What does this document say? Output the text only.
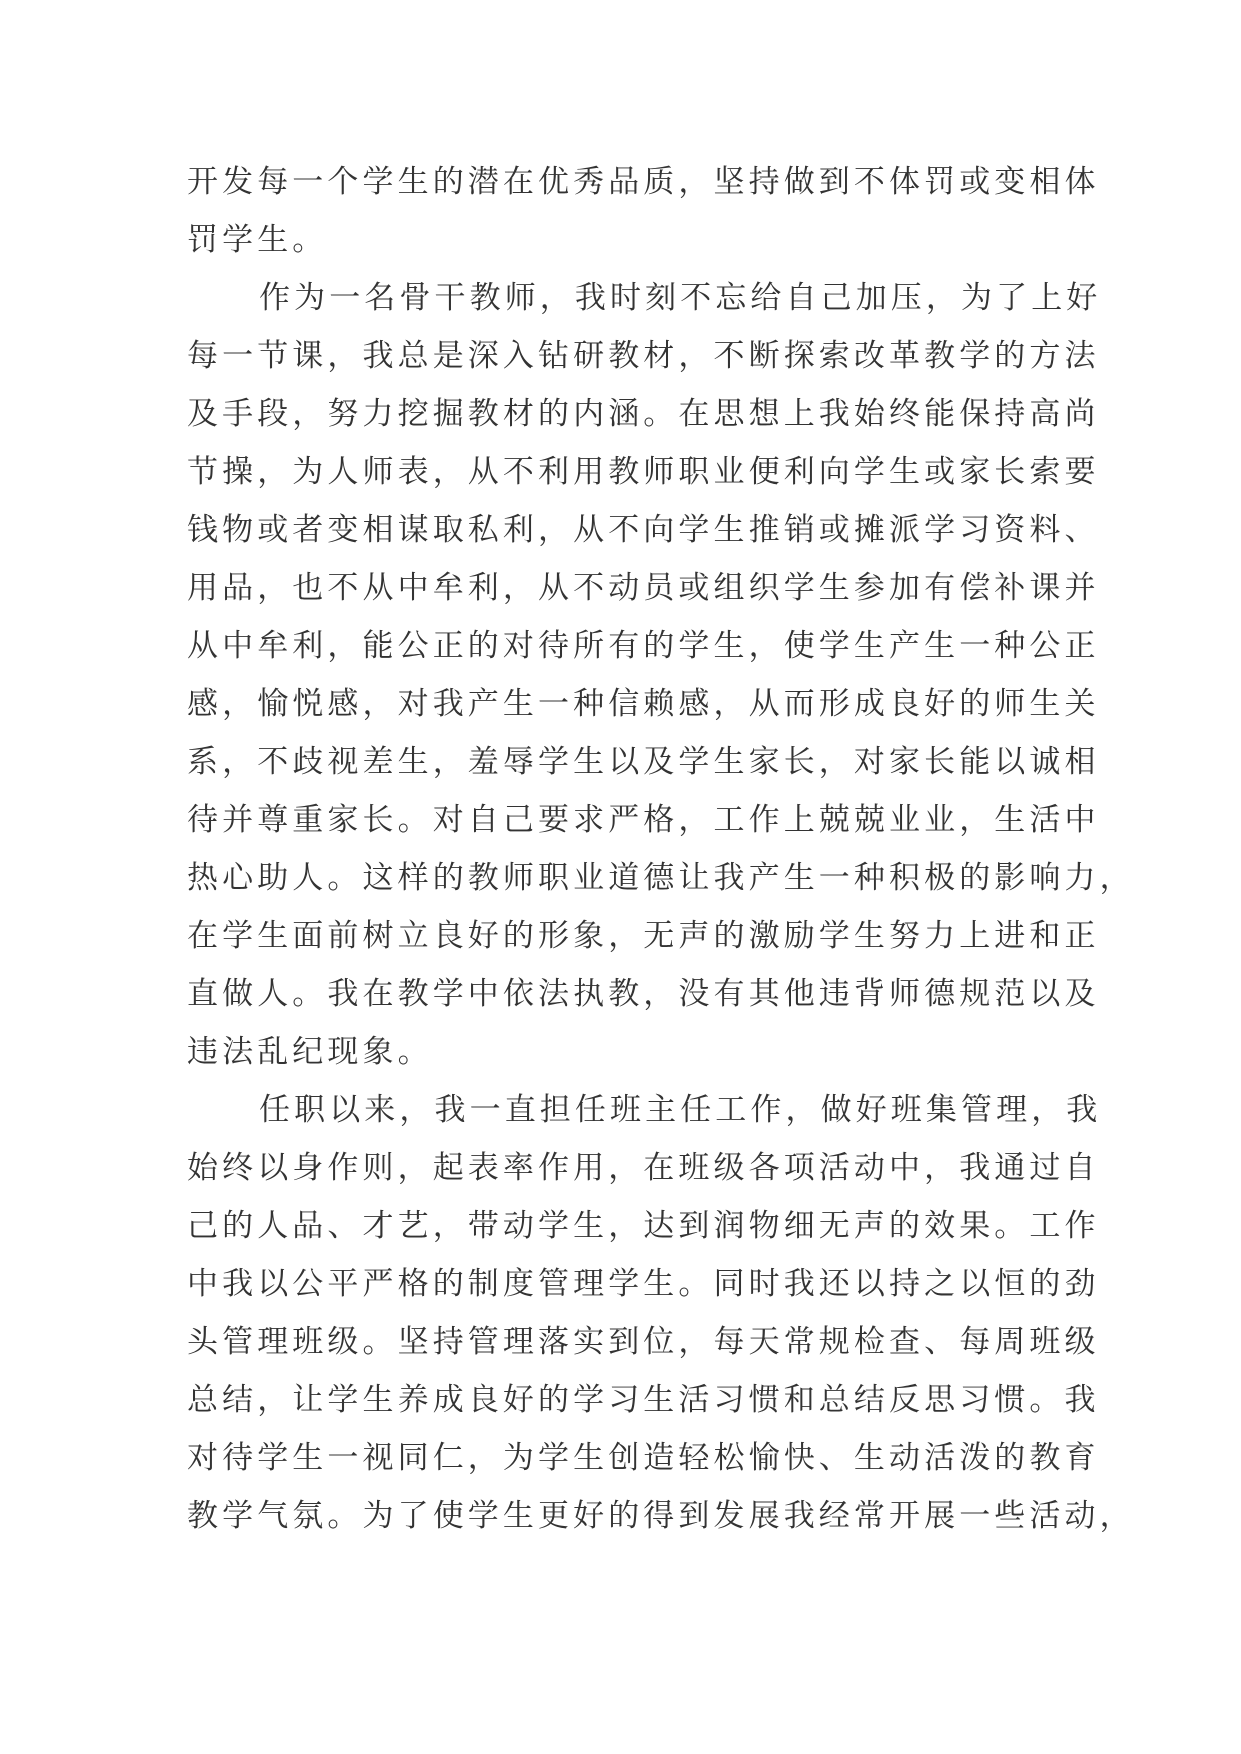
开发每一个学生的潜在优秀品质，坚持做到不体罚或变相体
罚学生。
作为一名骨干教师，我时刻不忘给自己加压，为了上好
每一节课，我总是深入钻研教材，不断探索改革教学的方法
及手段，努力挖掘教材的内涵。在思想上我始终能保持高尚
节操，为人师表，从不利用教师职业便利向学生或家长索要
钱物或者变相谋取私利，从不向学生推销或摊派学习资料、
用品，也不从中牟利，从不动员或组织学生参加有偿补课并
从中牟利，能公正的对待所有的学生，使学生产生一种公正
感，愉悦感，对我产生一种信赖感，从而形成良好的师生关
系，不歧视差生，羞辱学生以及学生家长，对家长能以诚相
待并尊重家长。对自己要求严格，工作上兢兢业业，生活中
热心助人。这样的教师职业道德让我产生一种积极的影响力，
在学生面前树立良好的形象，无声的激励学生努力上进和正
直做人。我在教学中依法执教，没有其他违背师德规范以及
违法乱纪现象。
任职以来，我一直担任班主任工作，做好班集管理，我
始终以身作则，起表率作用，在班级各项活动中，我通过自
己的人品、才艺，带动学生，达到润物细无声的效果。工作
中我以公平严格的制度管理学生。同时我还以持之以恒的劲
头管理班级。坚持管理落实到位，每天常规检查、每周班级
总结，让学生养成良好的学习生活习惯和总结反思习惯。我
对待学生一视同仁，为学生创造轻松愉快、生动活泼的教育
教学气氛。为了使学生更好的得到发展我经常开展一些活动，
